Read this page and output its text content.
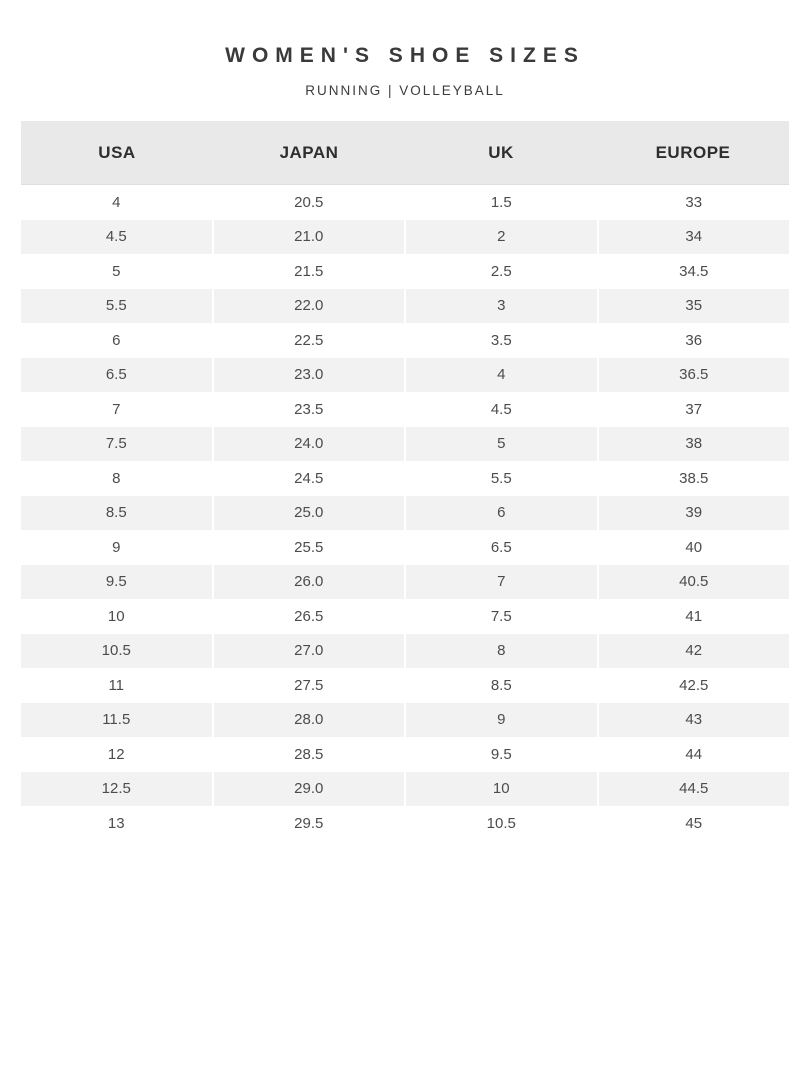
WOMEN'S SHOE SIZES
RUNNING | VOLLEYBALL
USA	JAPAN	UK	EUROPE
4	20.5	1.5	33
4.5	21.0	2	34
5	21.5	2.5	34.5
5.5	22.0	3	35
6	22.5	3.5	36
6.5	23.0	4	36.5
7	23.5	4.5	37
7.5	24.0	5	38
8	24.5	5.5	38.5
8.5	25.0	6	39
9	25.5	6.5	40
9.5	26.0	7	40.5
10	26.5	7.5	41
10.5	27.0	8	42
11	27.5	8.5	42.5
11.5	28.0	9	43
12	28.5	9.5	44
12.5	29.0	10	44.5
13	29.5	10.5	45
